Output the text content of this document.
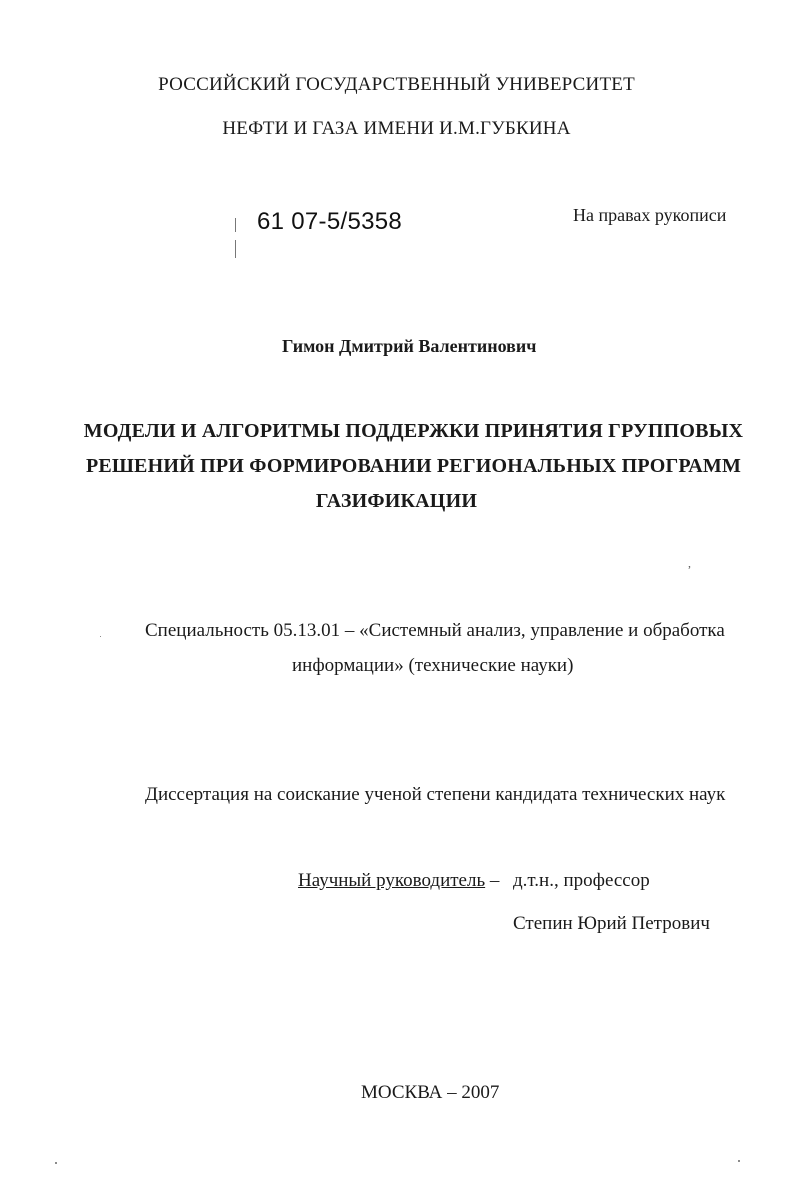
РОССИЙСКИЙ ГОСУДАРСТВЕННЫЙ УНИВЕРСИТЕТ
НЕФТИ И ГАЗА ИМЕНИ И.М.ГУБКИНА
61 07-5/5358	На правах рукописи
Гимон Дмитрий Валентинович
МОДЕЛИ И АЛГОРИТМЫ ПОДДЕРЖКИ ПРИНЯТИЯ ГРУППОВЫХ
РЕШЕНИЙ ПРИ ФОРМИРОВАНИИ РЕГИОНАЛЬНЫХ ПРОГРАММ
ГАЗИФИКАЦИИ
,
Специальность 05.13.01 – «Системный анализ, управление и обработка
информации» (технические науки)
Диссертация на соискание ученой степени кандидата технических наук
Научный руководитель – д.т.н., профессор
Степин Юрий Петрович
МОСКВА – 2007
